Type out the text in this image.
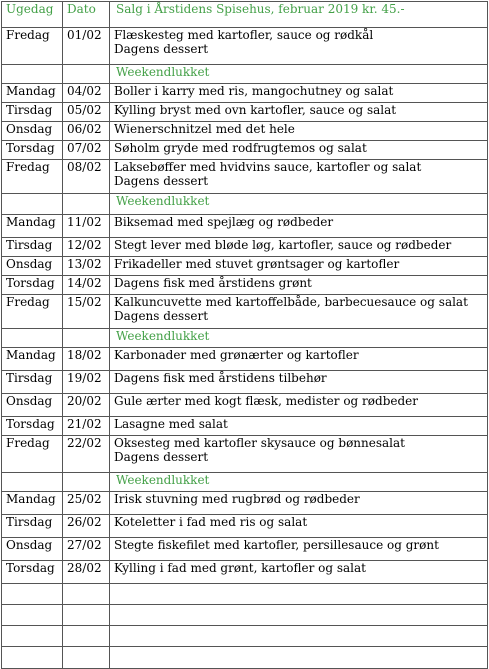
Ugedag	Dato	Salg i Årstidens Spisehus, februar 2019 kr. 45.-
Fredag	01/02	Flæskesteg med kartofler, sauce og rødkål
Dagens dessert

		Weekendlukket
Mandag	04/02	Boller i karry med ris, mangochutney og salat

Tirsdag	05/02	Kylling bryst med ovn kartofler, sauce og salat

Onsdag	06/02	Wienerschnitzel med det hele

Torsdag	07/02	Søholm gryde med rodfrugtemos og salat

Fredag	08/02	Laksebøffer med hvidvins sauce, kartofler og salat
Dagens dessert

		Weekendlukket
Mandag	11/02	Biksemad med spejlæg og rødbeder

Tirsdag	12/02	Stegt lever med bløde løg, kartofler, sauce og rødbeder

Onsdag	13/02	Frikadeller med stuvet grøntsager og kartofler

Torsdag	14/02	Dagens fisk med årstidens grønt

Fredag	15/02	Kalkuncuvette med kartoffelbåde, barbecuesauce og salat
Dagens dessert

		Weekendlukket
Mandag	18/02	Karbonader med grønærter og kartofler

Tirsdag	19/02	Dagens fisk med årstidens tilbehør

Onsdag	20/02	Gule ærter med kogt flæsk, medister og rødbeder

Torsdag	21/02	Lasagne med salat

Fredag	22/02	Oksesteg med kartofler skysauce og bønnesalat
Dagens dessert

		Weekendlukket
Mandag	25/02	Irisk stuvning med rugbrød og rødbeder

Tirsdag	26/02	Koteletter i fad med ris og salat

Onsdag	27/02	Stegte fiskefilet med kartofler, persillesauce og grønt

Torsdag	28/02	Kylling i fad med grønt, kartofler og salat
